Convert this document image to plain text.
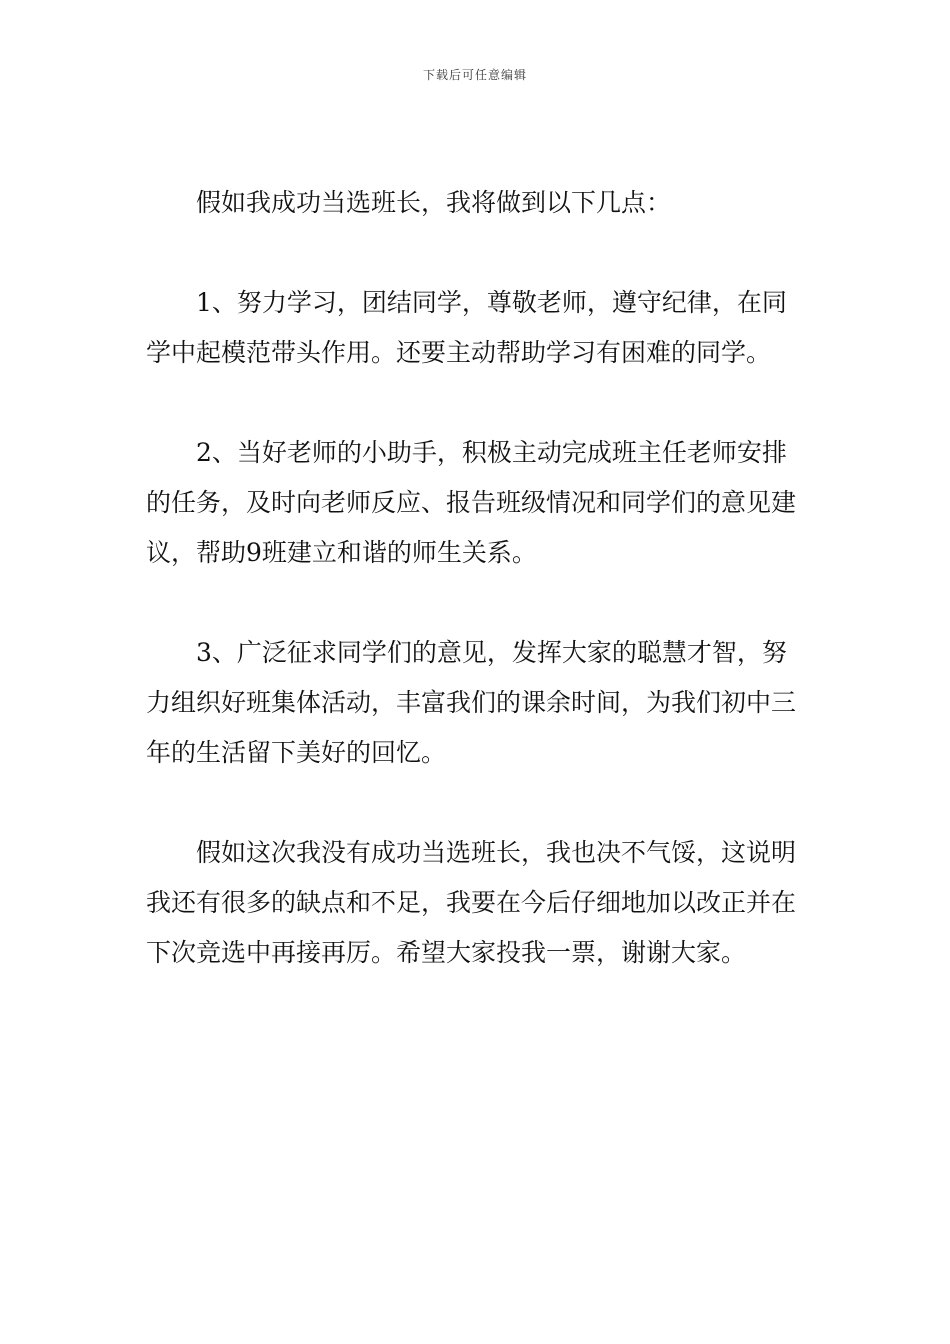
下载后可任意编辑

假如我成功当选班长，我将做到以下几点：

1、努力学习，团结同学，尊敬老师，遵守纪律，在同学中起模范带头作用。还要主动帮助学习有困难的同学。

2、当好老师的小助手，积极主动完成班主任老师安排的任务，及时向老师反应、报告班级情况和同学们的意见建议，帮助9班建立和谐的师生关系。

3、广泛征求同学们的意见，发挥大家的聪慧才智，努力组织好班集体活动，丰富我们的课余时间，为我们初中三年的生活留下美好的回忆。

假如这次我没有成功当选班长，我也决不气馁，这说明我还有很多的缺点和不足，我要在今后仔细地加以改正并在下次竞选中再接再厉。希望大家投我一票，谢谢大家。
